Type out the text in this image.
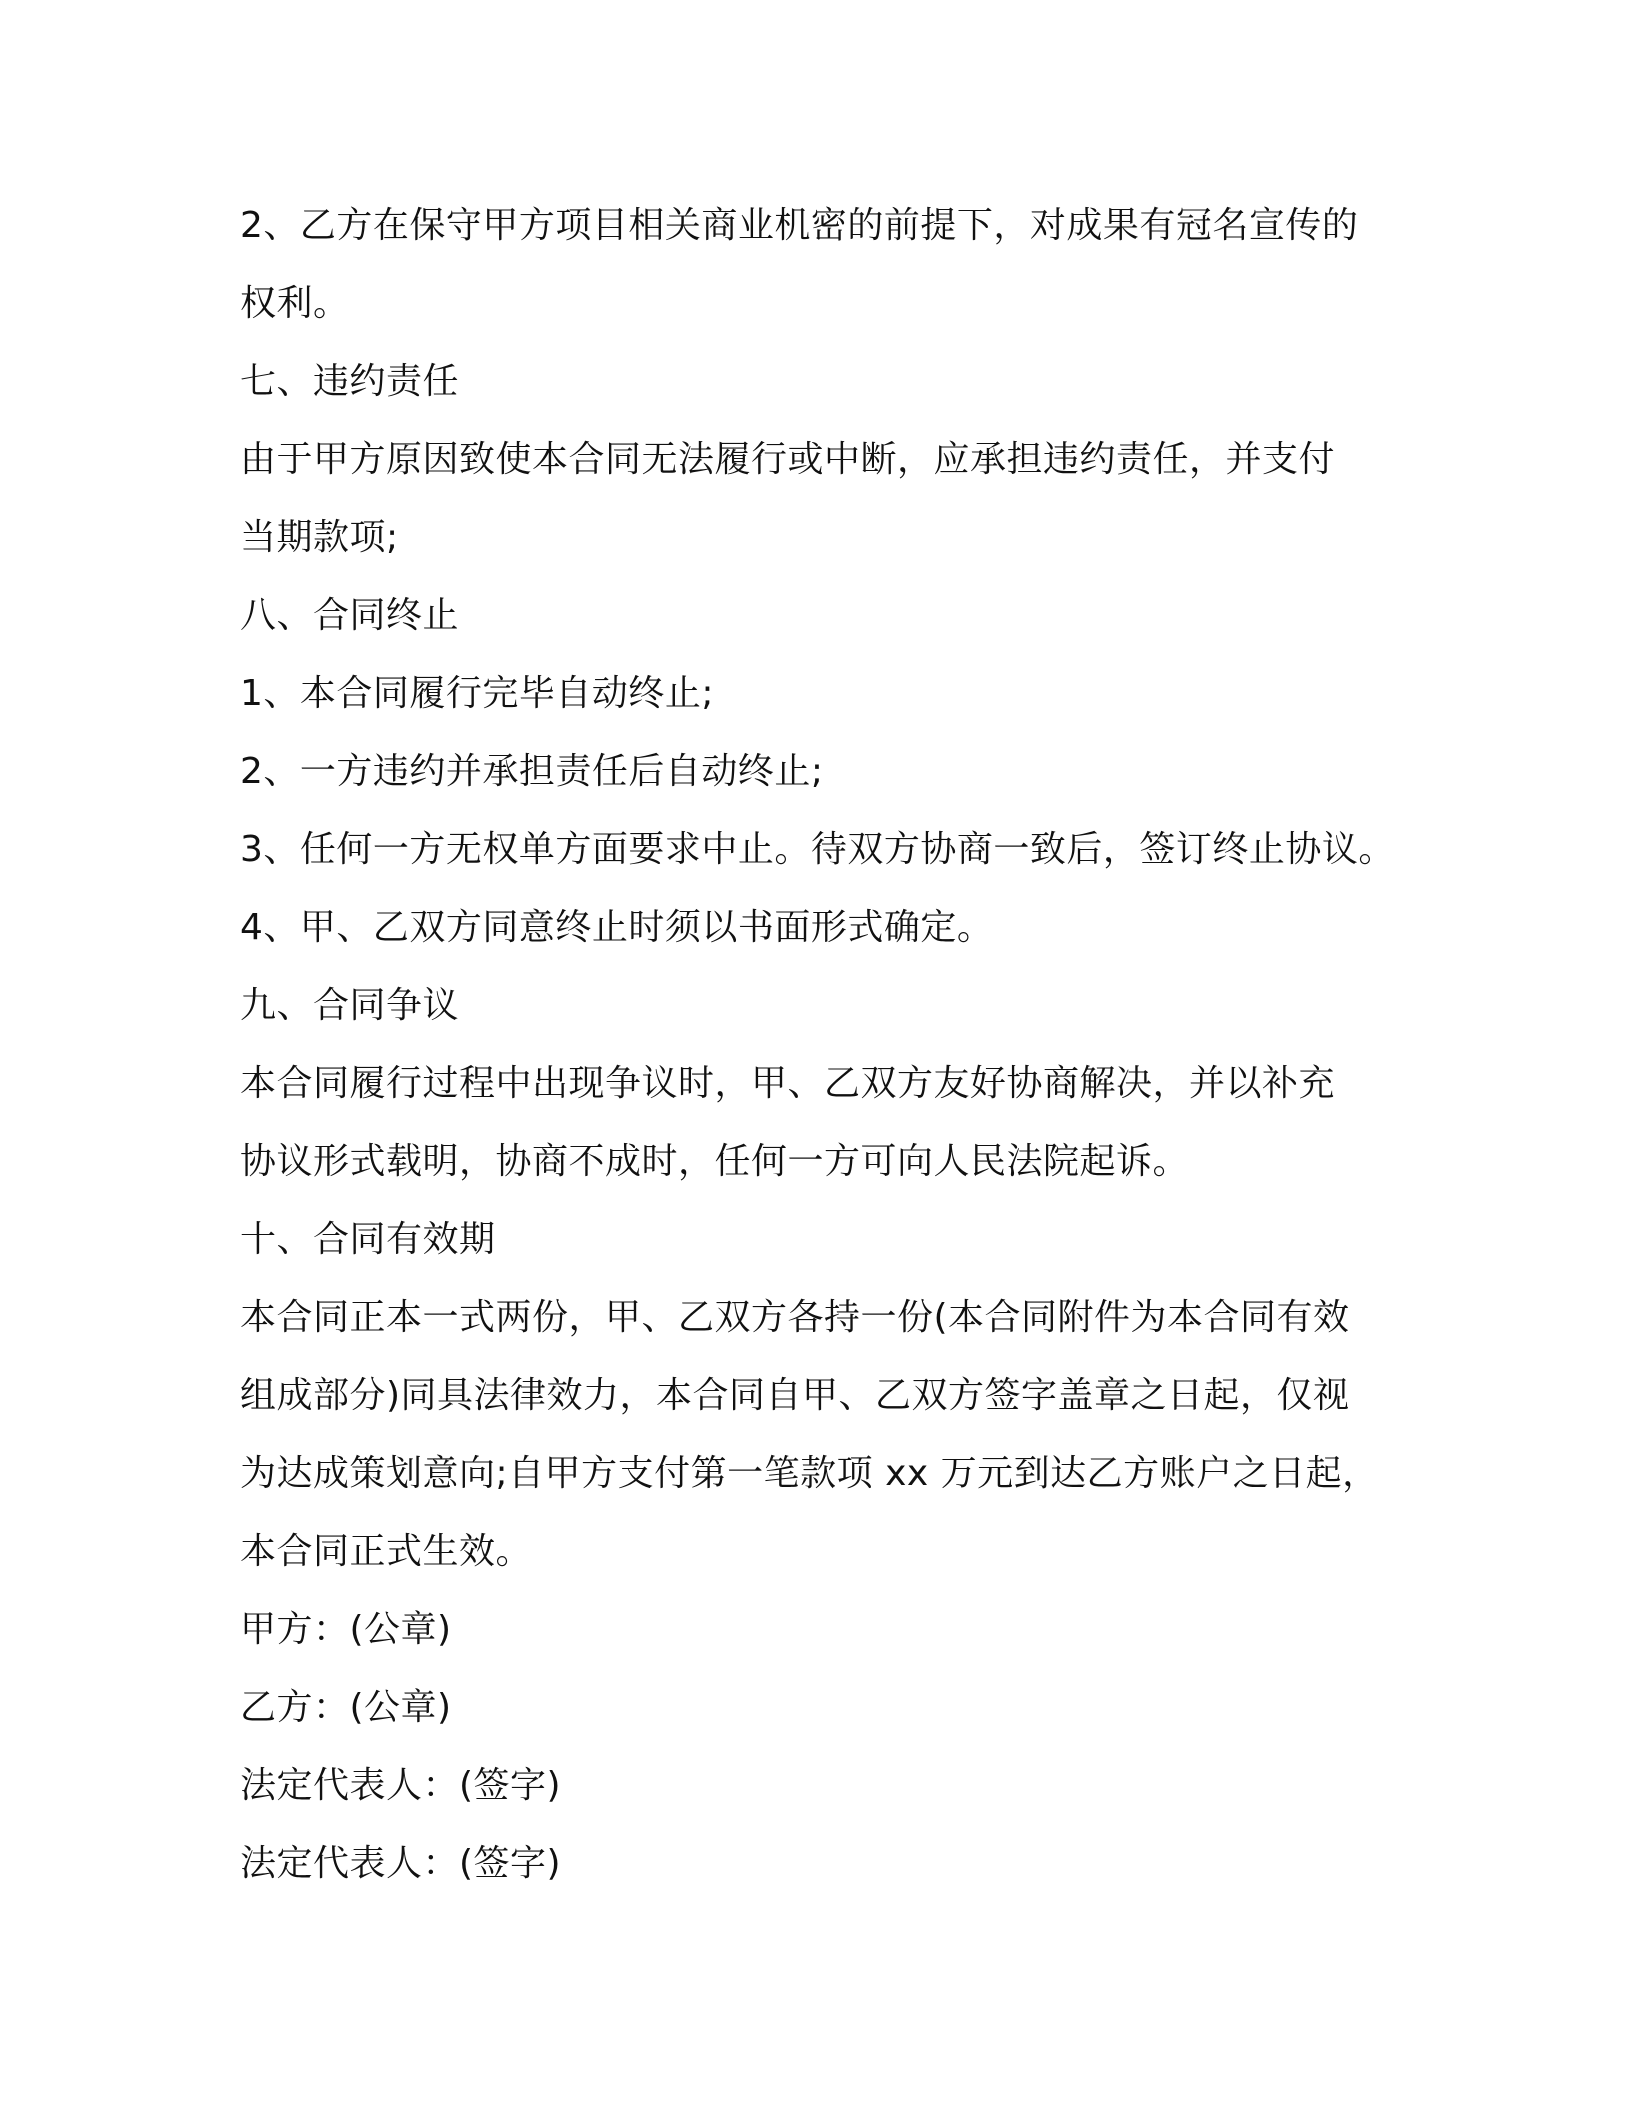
2、乙方在保守甲方项目相关商业机密的前提下，对成果有冠名宣传的
权利。
七、违约责任
由于甲方原因致使本合同无法履行或中断，应承担违约责任，并支付
当期款项;
八、合同终止
1、本合同履行完毕自动终止;
2、一方违约并承担责任后自动终止;
3、任何一方无权单方面要求中止。待双方协商一致后，签订终止协议。
4、甲、乙双方同意终止时须以书面形式确定。
九、合同争议
本合同履行过程中出现争议时，甲、乙双方友好协商解决，并以补充
协议形式载明，协商不成时，任何一方可向人民法院起诉。
十、合同有效期
本合同正本一式两份，甲、乙双方各持一份(本合同附件为本合同有效
组成部分)同具法律效力，本合同自甲、乙双方签字盖章之日起，仅视
为达成策划意向;自甲方支付第一笔款项 xx 万元到达乙方账户之日起，
本合同正式生效。
甲方：(公章)
乙方：(公章)
法定代表人：(签字)
法定代表人：(签字)
